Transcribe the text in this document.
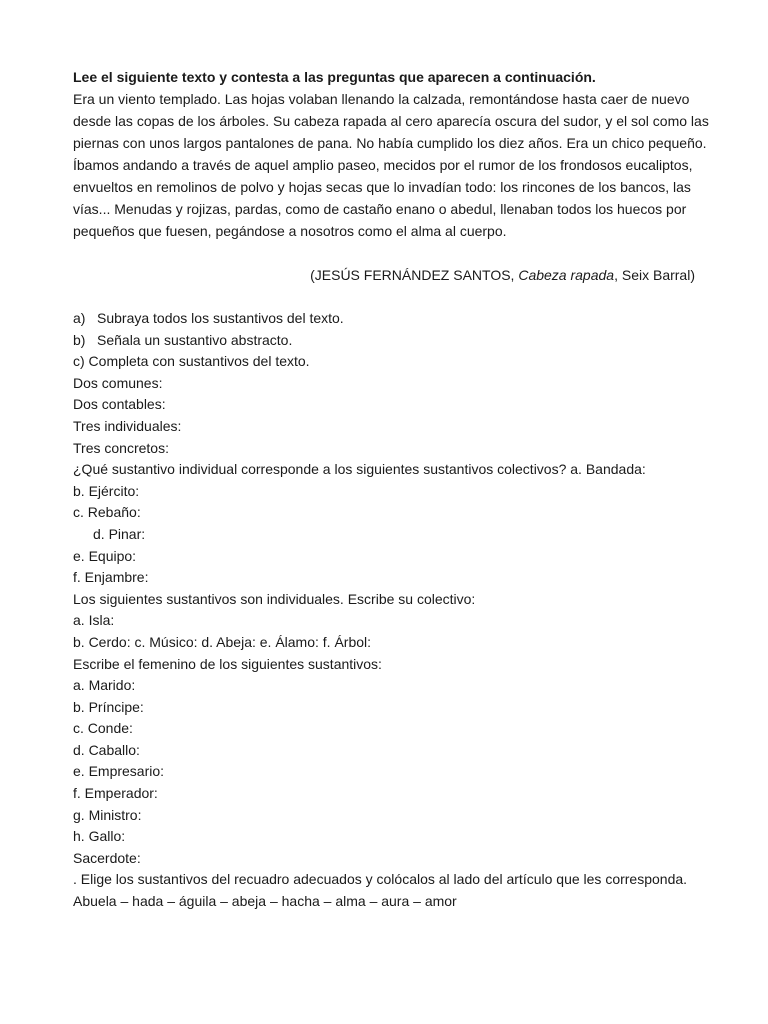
Lee el siguiente texto y contesta a las preguntas que aparecen a continuación.

Era un viento templado. Las hojas volaban llenando la calzada, remontándose hasta caer de nuevo desde las copas de los árboles. Su cabeza rapada al cero aparecía oscura del sudor, y el sol como las piernas con unos largos pantalones de pana. No había cumplido los diez años. Era un chico pequeño. Íbamos andando a través de aquel amplio paseo, mecidos por el rumor de los frondosos eucaliptos, envueltos en remolinos de polvo y hojas secas que lo invadían todo: los rincones de los bancos, las vías... Menudas y rojizas, pardas, como de castaño enano o abedul, llenaban todos los huecos por pequeños que fuesen, pegándose a nosotros como el alma al cuerpo.

(JESÚS FERNÁNDEZ SANTOS, Cabeza rapada, Seix Barral)
a) Subraya todos los sustantivos del texto.
b) Señala un sustantivo abstracto.
c) Completa con sustantivos del texto.
Dos comunes:
Dos contables:
Tres individuales:
Tres concretos:
¿Qué sustantivo individual corresponde a los siguientes sustantivos colectivos? a. Bandada:
b. Ejército:
c. Rebaño:
d. Pinar:
e. Equipo:
f. Enjambre:
Los siguientes sustantivos son individuales. Escribe su colectivo:
a. Isla:
b. Cerdo: c. Músico: d. Abeja: e. Álamo: f. Árbol:
Escribe el femenino de los siguientes sustantivos:
a. Marido:
b. Príncipe:
c. Conde:
d. Caballo:
e. Empresario:
f. Emperador:
g. Ministro:
h. Gallo:
Sacerdote:
. Elige los sustantivos del recuadro adecuados y colócalos al lado del artículo que les corresponda.
Abuela – hada – águila – abeja – hacha – alma – aura – amor
